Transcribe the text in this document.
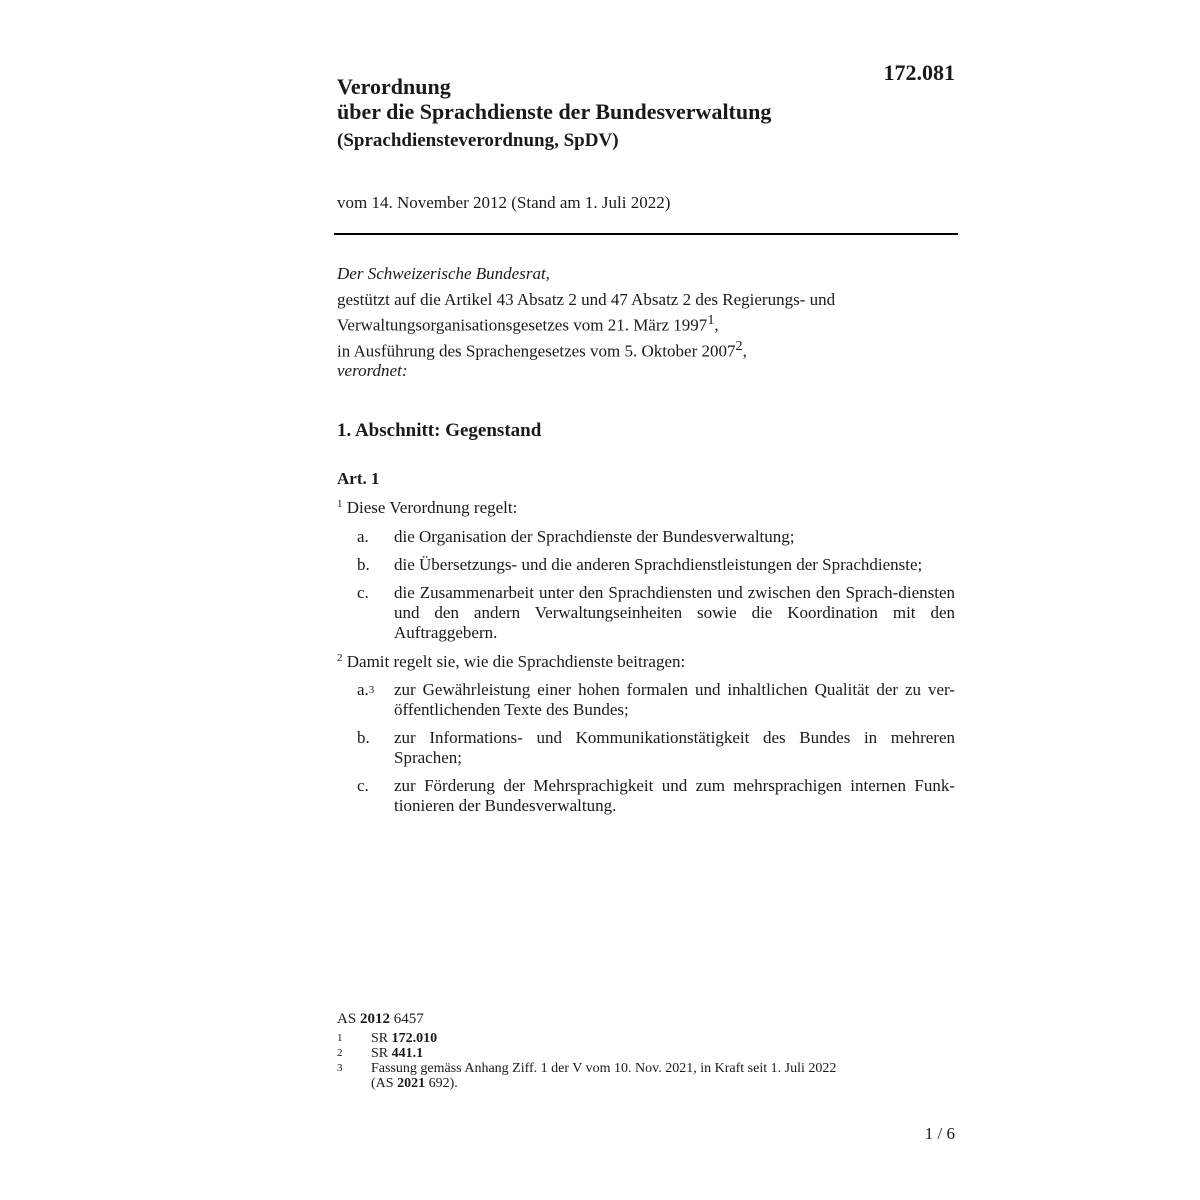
172.081
Verordnung
über die Sprachdienste der Bundesverwaltung
(Sprachdiensteverordnung, SpDV)
vom 14. November 2012 (Stand am 1. Juli 2022)

Der Schweizerische Bundesrat,

gestützt auf die Artikel 43 Absatz 2 und 47 Absatz 2 des Regierungs- und

Verwaltungsorganisationsgesetzes vom 21. März 1997$^1$,

in Ausführung des Sprachengesetzes vom 5. Oktober 2007$^2$,

verordnet:

1. Abschnitt: Gegenstand
Art. 1
$^1$ Diese Verordnung regelt:
a.	die Organisation der Sprachdienste der Bundesverwaltung;
b.	die Übersetzungs- und die anderen Sprachdienstleistungen der Sprachdienste;
c.	die Zusammenarbeit unter den Sprachdiensten und zwischen den Sprach-diensten und den andern Verwaltungseinheiten sowie die Koordination mit den Auftraggebern.
$^2$ Damit regelt sie, wie die Sprachdienste beitragen:
a.$^3$	zur Gewährleistung einer hohen formalen und inhaltlichen Qualität der zu ver-öffentlichenden Texte des Bundes;
b.	zur Informations- und Kommunikationstätigkeit des Bundes in mehreren Sprachen;
c.	zur Förderung der Mehrsprachigkeit und zum mehrsprachigen internen Funk-tionieren der Bundesverwaltung.
AS 2012 6457
1	SR 172.010
2	SR 441.1
3	Fassung gemäss Anhang Ziff. 1 der V vom 10. Nov. 2021, in Kraft seit 1. Juli 2022
(AS 2021 692).
1 / 6
